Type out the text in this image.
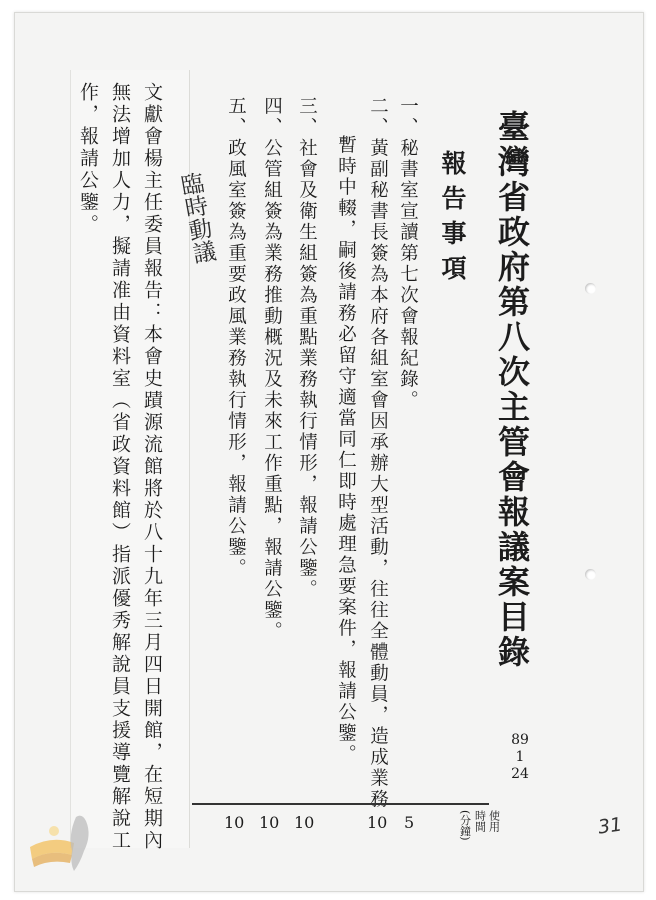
臺灣省政府第八次主管會報議案目錄
報告事項
一、秘書室宣讀第七次會報紀錄。
二、黃副秘書長簽為本府各組室會因承辦大型活動，往往全體動員，造成業務
暫時中輟，嗣後請務必留守適當同仁即時處理急要案件，報請公鑒。
三、社會及衛生組簽為重點業務執行情形，報請公鑒。
四、公管組簽為業務推動概況及未來工作重點，報請公鑒。
五、政風室簽為重要政風業務執行情形，報請公鑒。
文獻會楊主任委員報告：本會史蹟源流館將於八十九年三月四日開館，在短期內
無法增加人力，擬請准由資料室（省政資料館）指派優秀解說員支援導覽解說工
作，報請公鑒。	臨時動議
89
1
24
使用
時間
(分鐘)
5
10
10
10
10	31
